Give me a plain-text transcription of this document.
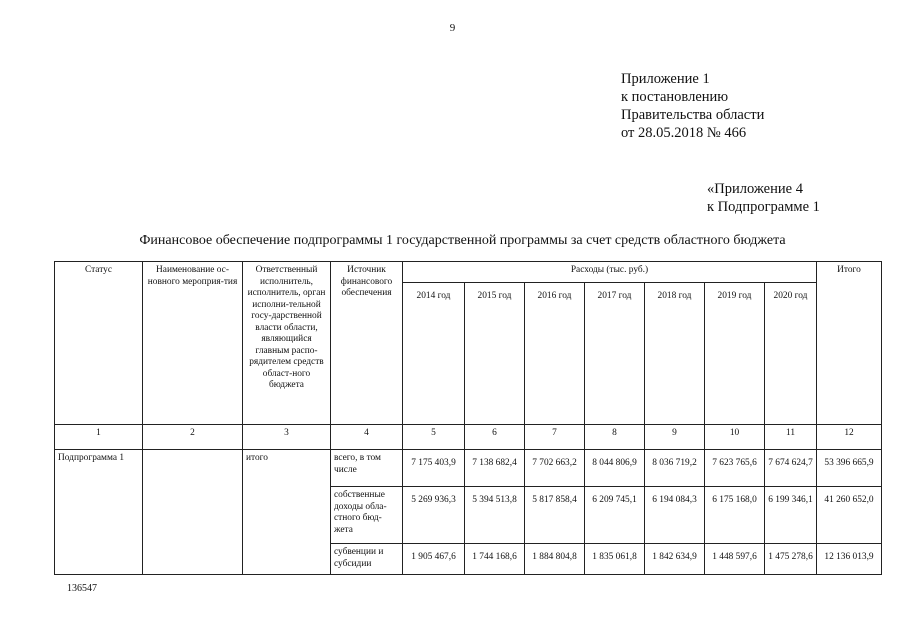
9
Приложение 1
к постановлению
Правительства области
от 28.05.2018 № 466
«Приложение 4
к Подпрограмме 1
Финансовое обеспечение подпрограммы 1 государственной программы за счет средств областного бюджета
Статус	Наименование ос-новного мероприя-тия	Ответственный исполнитель, исполнитель, орган исполни-тельной госу-дарственной власти области, являющийся главным распо-рядителем средств област-ного бюджета	Источник финансового обеспечения	Расходы (тыс. руб.)							Итого
				2014 год	2015 год	2016 год	2017 год	2018 год	2019 год	2020 год	
1	2	3	4	5	6	7	8	9	10	11	12
Подпрограмма 1		итого	всего, в том числе	7 175 403,9	7 138 682,4	7 702 663,2	8 044 806,9	8 036 719,2	7 623 765,6	7 674 624,7	53 396 665,9
			собственные доходы обла-стного бюд-жета	5 269 936,3	5 394 513,8	5 817 858,4	6 209 745,1	6 194 084,3	6 175 168,0	6 199 346,1	41 260 652,0
			субвенции и субсидии	1 905 467,6	1 744 168,6	1 884 804,8	1 835 061,8	1 842 634,9	1 448 597,6	1 475 278,6	12 136 013,9
136547
